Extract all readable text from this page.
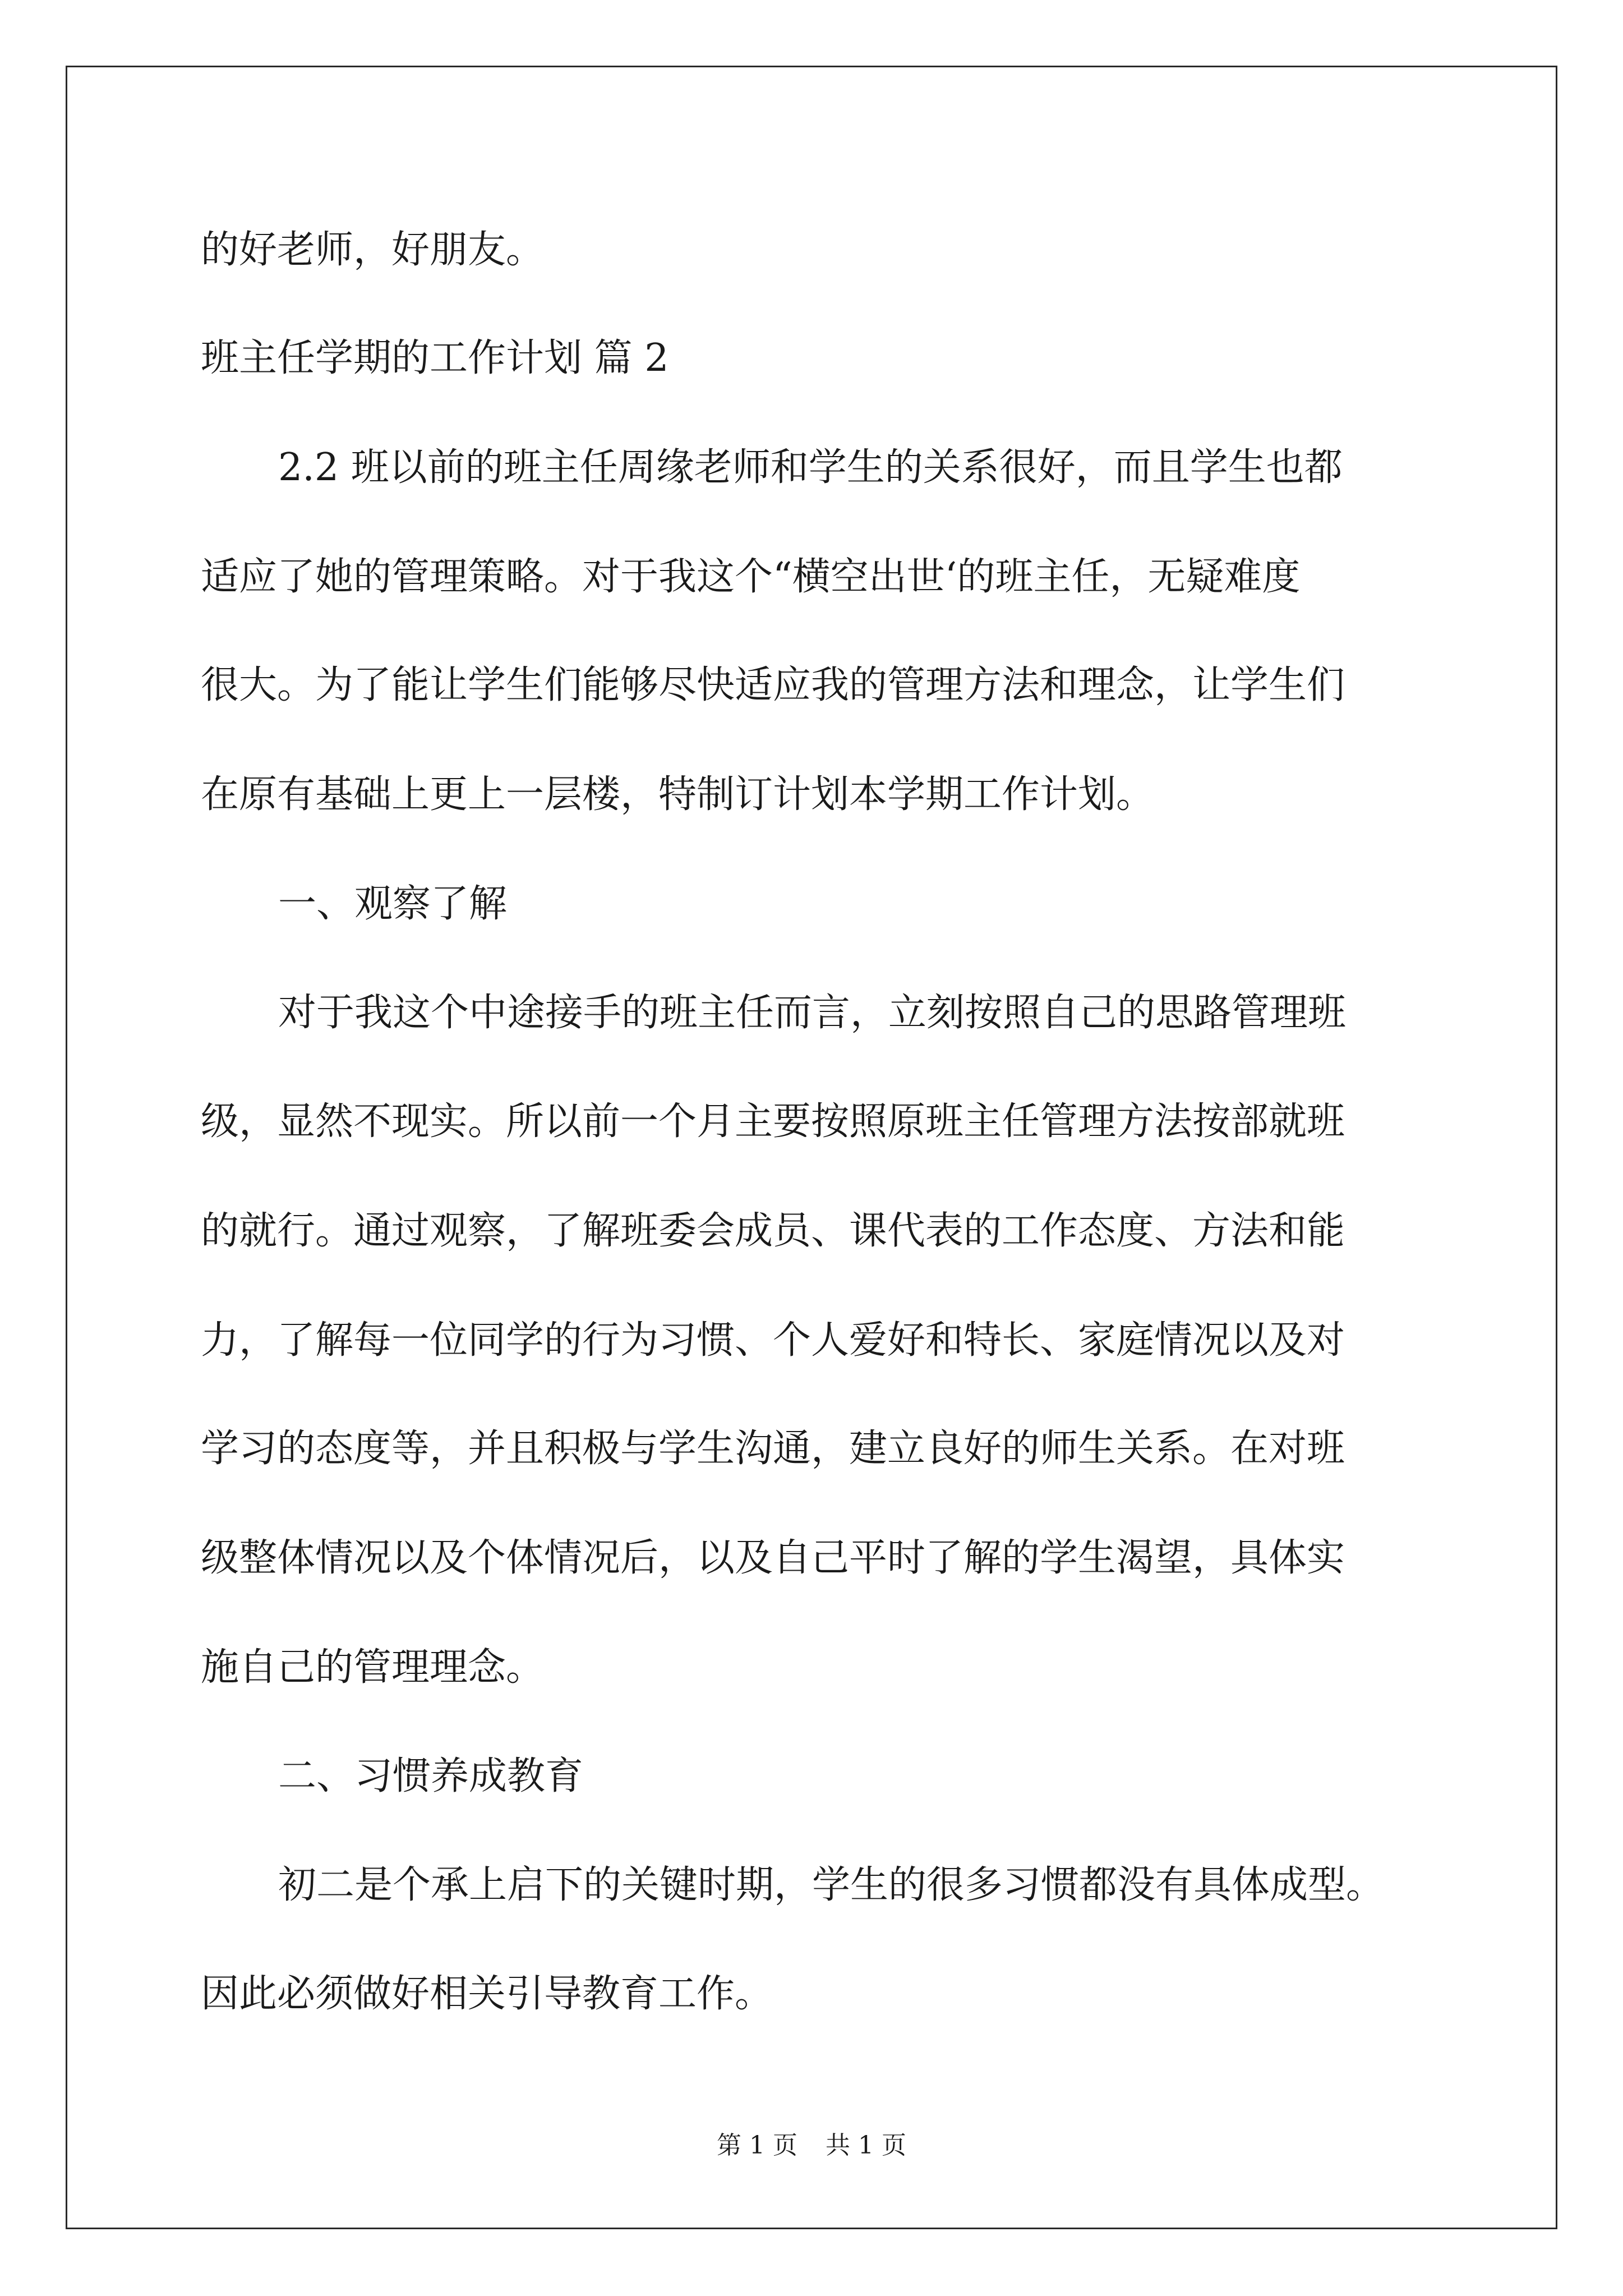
的好老师，好朋友。
班主任学期的工作计划 篇 2
2.2 班以前的班主任周缘老师和学生的关系很好，而且学生也都
适应了她的管理策略。对于我这个“横空出世‘的班主任，无疑难度
很大。为了能让学生们能够尽快适应我的管理方法和理念，让学生们
在原有基础上更上一层楼，特制订计划本学期工作计划。
一、观察了解
对于我这个中途接手的班主任而言，立刻按照自己的思路管理班
级，显然不现实。所以前一个月主要按照原班主任管理方法按部就班
的就行。通过观察，了解班委会成员、课代表的工作态度、方法和能
力，了解每一位同学的行为习惯、个人爱好和特长、家庭情况以及对
学习的态度等，并且积极与学生沟通，建立良好的师生关系。在对班
级整体情况以及个体情况后，以及自己平时了解的学生渴望，具体实
施自己的管理理念。
二、习惯养成教育
初二是个承上启下的关键时期，学生的很多习惯都没有具体成型。
因此必须做好相关引导教育工作。
第 1 页 共 1 页
